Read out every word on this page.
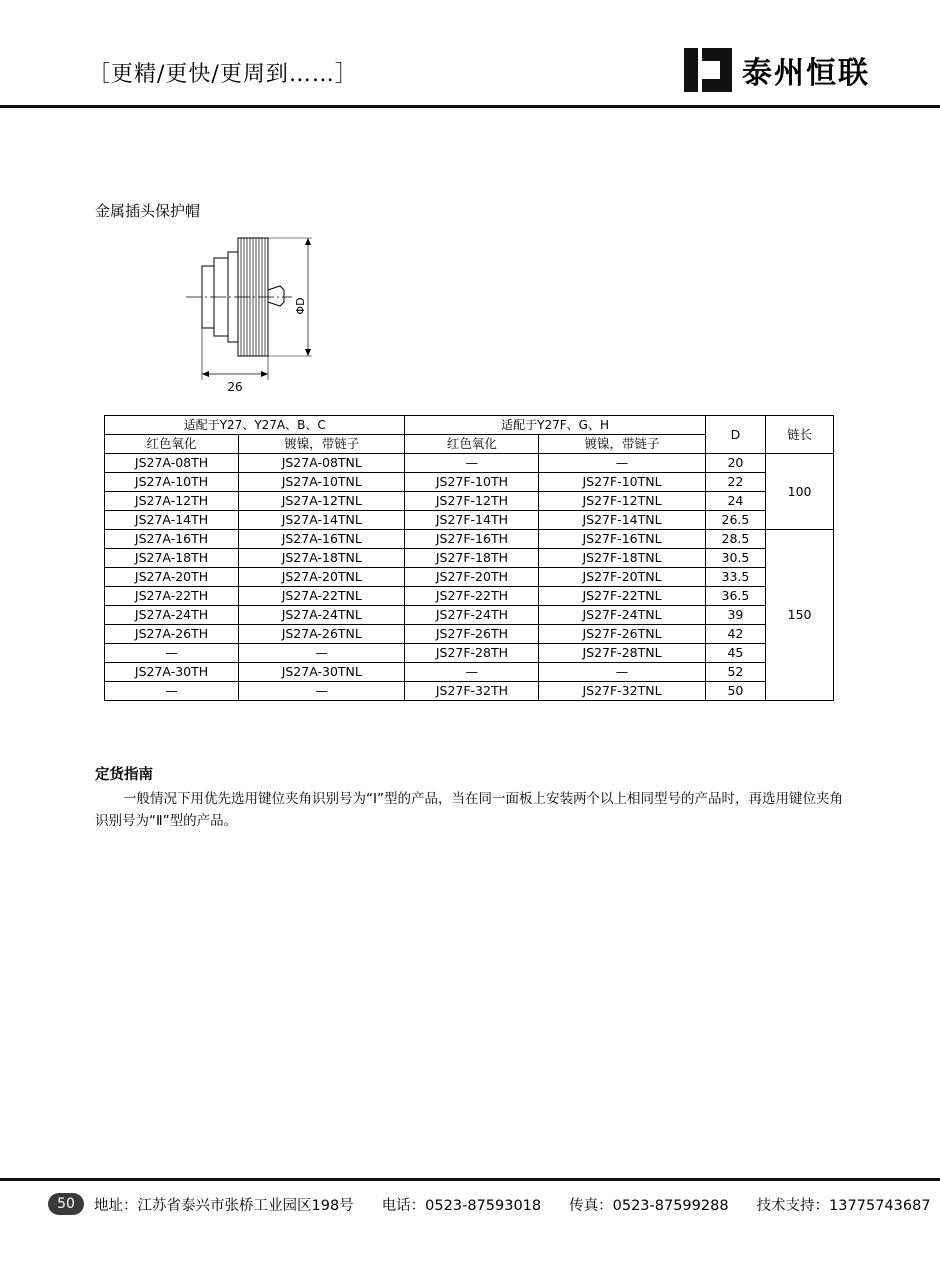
［更精/更快/更周到……］	泰州恒联
金属插头保护帽
ΦD
26
适配于Y27、Y27A、B、C		适配于Y27F、G、H		D	链长
红色氧化	镀镍，带链子	红色氧化	镀镍，带链子		
JS27A-08TH	JS27A-08TNL	—	—	20	100
JS27A-10TH	JS27A-10TNL	JS27F-10TH	JS27F-10TNL	22	
JS27A-12TH	JS27A-12TNL	JS27F-12TH	JS27F-12TNL	24	
JS27A-14TH	JS27A-14TNL	JS27F-14TH	JS27F-14TNL	26.5	
JS27A-16TH	JS27A-16TNL	JS27F-16TH	JS27F-16TNL	28.5	150
JS27A-18TH	JS27A-18TNL	JS27F-18TH	JS27F-18TNL	30.5	
JS27A-20TH	JS27A-20TNL	JS27F-20TH	JS27F-20TNL	33.5	
JS27A-22TH	JS27A-22TNL	JS27F-22TH	JS27F-22TNL	36.5	
JS27A-24TH	JS27A-24TNL	JS27F-24TH	JS27F-24TNL	39	
JS27A-26TH	JS27A-26TNL	JS27F-26TH	JS27F-26TNL	42	
—	—	JS27F-28TH	JS27F-28TNL	45	
JS27A-30TH	JS27A-30TNL	—	—	52	
—	—	JS27F-32TH	JS27F-32TNL	50	
定货指南
一般情况下用优先选用键位夹角识别号为“Ⅰ”型的产品，当在同一面板上安装两个以上相同型号的产品时，再选用键位夹角识别号为“Ⅱ”型的产品。
50	地址：江苏省泰兴市张桥工业园区198号 电话：0523-87593018 传真：0523-87599288 技术支持：13775743687
